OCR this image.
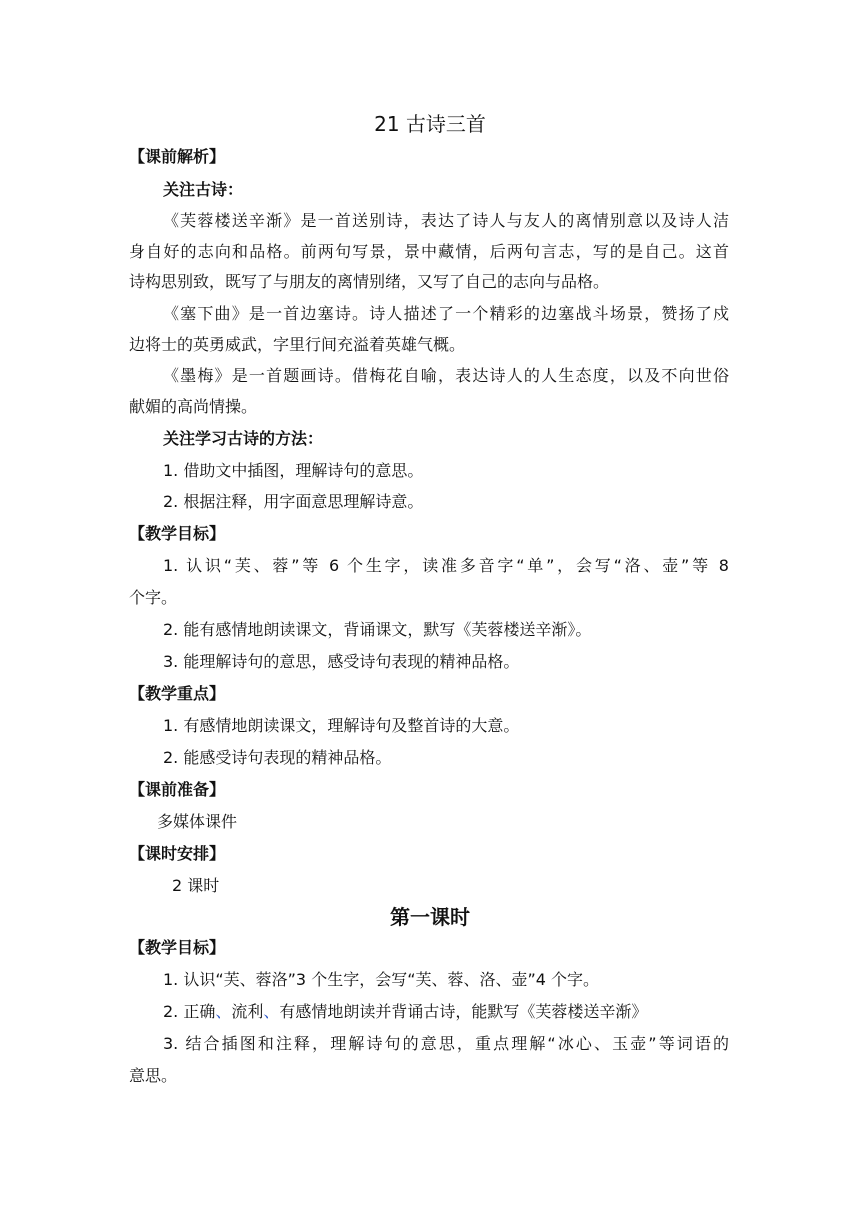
21 古诗三首
【课前解析】
关注古诗：
《芙蓉楼送辛渐》是一首送别诗，表达了诗人与友人的离情别意以及诗人洁
身自好的志向和品格。前两句写景，景中藏情，后两句言志，写的是自己。这首
诗构思别致，既写了与朋友的离情别绪，又写了自己的志向与品格。
《塞下曲》是一首边塞诗。诗人描述了一个精彩的边塞战斗场景，赞扬了戍
边将士的英勇威武，字里行间充溢着英雄气概。
《墨梅》是一首题画诗。借梅花自喻，表达诗人的人生态度，以及不向世俗
献媚的高尚情操。
关注学习古诗的方法：
1. 借助文中插图，理解诗句的意思。
2. 根据注释，用字面意思理解诗意。
【教学目标】
1. 认识“芙、蓉”等 6 个生字，读准多音字“单”，会写“洛、壶”等 8
个字。
2. 能有感情地朗读课文，背诵课文，默写《芙蓉楼送辛渐》。
3. 能理解诗句的意思，感受诗句表现的精神品格。
【教学重点】
1. 有感情地朗读课文，理解诗句及整首诗的大意。
2. 能感受诗句表现的精神品格。
【课前准备】
多媒体课件
【课时安排】
2 课时
第一课时
【教学目标】
1. 认识“芙、蓉洛”3 个生字，会写“芙、蓉、洛、壶”4 个字。
2. 正确、流利、有感情地朗读并背诵古诗，能默写《芙蓉楼送辛渐》
3. 结合插图和注释，理解诗句的意思，重点理解“冰心、玉壶”等词语的
意思。
